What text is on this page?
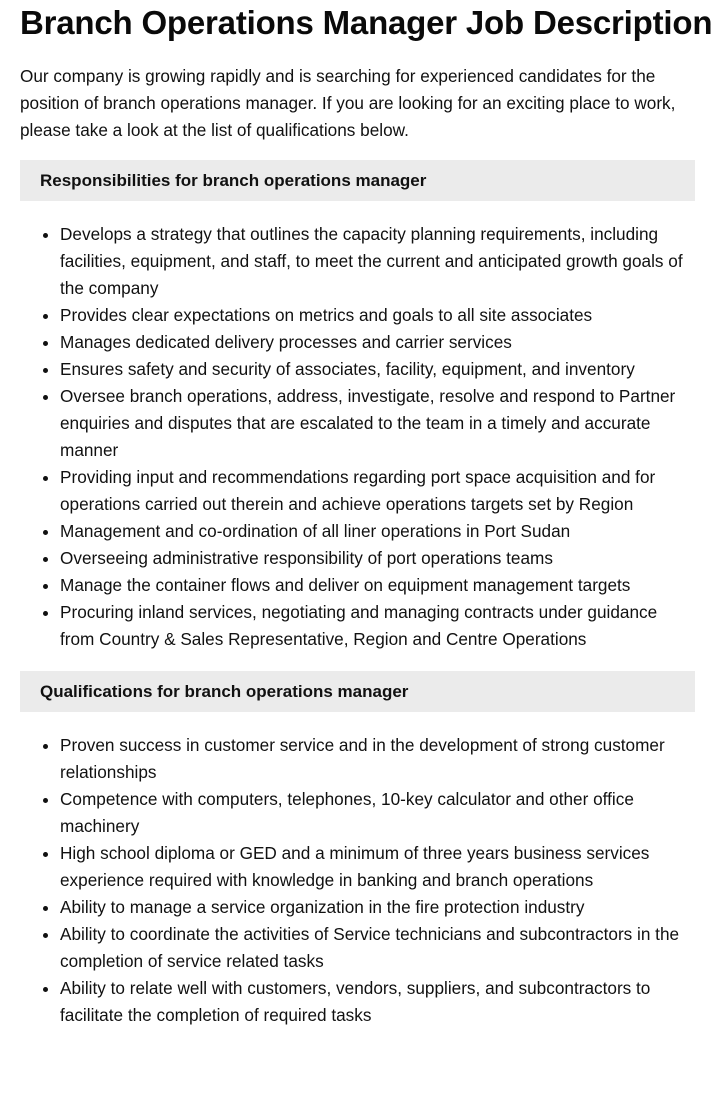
Branch Operations Manager Job Description

Our company is growing rapidly and is searching for experienced candidates for the position of branch operations manager. If you are looking for an exciting place to work, please take a look at the list of qualifications below.

Responsibilities for branch operations manager
• Develops a strategy that outlines the capacity planning requirements, including facilities, equipment, and staff, to meet the current and anticipated growth goals of the company
• Provides clear expectations on metrics and goals to all site associates
• Manages dedicated delivery processes and carrier services
• Ensures safety and security of associates, facility, equipment, and inventory
• Oversee branch operations, address, investigate, resolve and respond to Partner enquiries and disputes that are escalated to the team in a timely and accurate manner
• Providing input and recommendations regarding port space acquisition and for operations carried out therein and achieve operations targets set by Region
• Management and co-ordination of all liner operations in Port Sudan
• Overseeing administrative responsibility of port operations teams
• Manage the container flows and deliver on equipment management targets
• Procuring inland services, negotiating and managing contracts under guidance from Country & Sales Representative, Region and Centre Operations
Qualifications for branch operations manager
• Proven success in customer service and in the development of strong customer relationships
• Competence with computers, telephones, 10-key calculator and other office machinery
• High school diploma or GED and a minimum of three years business services experience required with knowledge in banking and branch operations
• Ability to manage a service organization in the fire protection industry
• Ability to coordinate the activities of Service technicians and subcontractors in the completion of service related tasks
• Ability to relate well with customers, vendors, suppliers, and subcontractors to facilitate the completion of required tasks
